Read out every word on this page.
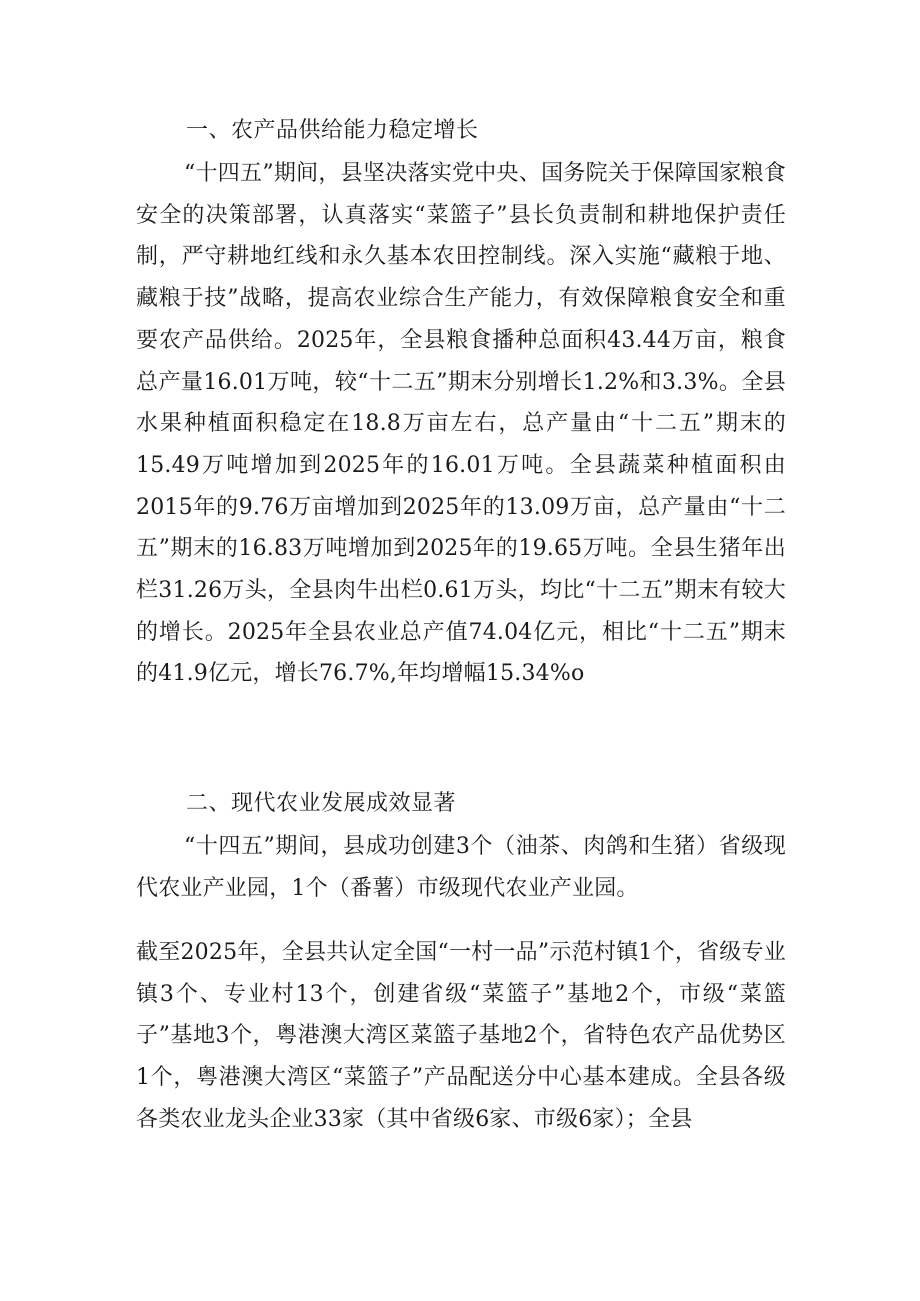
一、农产品供给能力稳定增长
“十四五”期间，县坚决落实党中央、国务院关于保障国家粮食安全的决策部署，认真落实“菜篮子”县长负责制和耕地保护责任制，严守耕地红线和永久基本农田控制线。深入实施“藏粮于地、藏粮于技”战略，提高农业综合生产能力，有效保障粮食安全和重要农产品供给。2025年，全县粮食播种总面积43.44万亩，粮食总产量16.01万吨，较“十二五”期末分别增长1.2%和3.3%。全县水果种植面积稳定在18.8万亩左右，总产量由“十二五”期末的15.49万吨增加到2025年的16.01万吨。全县蔬菜种植面积由2015年的9.76万亩增加到2025年的13.09万亩，总产量由“十二五”期末的16.83万吨增加到2025年的19.65万吨。全县生猪年出栏31.26万头，全县肉牛出栏0.61万头，均比“十二五”期末有较大的增长。2025年全县农业总产值74.04亿元，相比“十二五”期末的41.9亿元，增长76.7%,年均增幅15.34%o
二、现代农业发展成效显著
“十四五”期间，县成功创建3个（油茶、肉鸽和生猪）省级现代农业产业园，1个（番薯）市级现代农业产业园。
截至2025年，全县共认定全国“一村一品”示范村镇1个，省级专业镇3个、专业村13个，创建省级“菜篮子”基地2个，市级“菜篮子”基地3个，粤港澳大湾区菜篮子基地2个，省特色农产品优势区1个，粤港澳大湾区“菜篮子”产品配送分中心基本建成。全县各级各类农业龙头企业33家（其中省级6家、市级6家）；全县
